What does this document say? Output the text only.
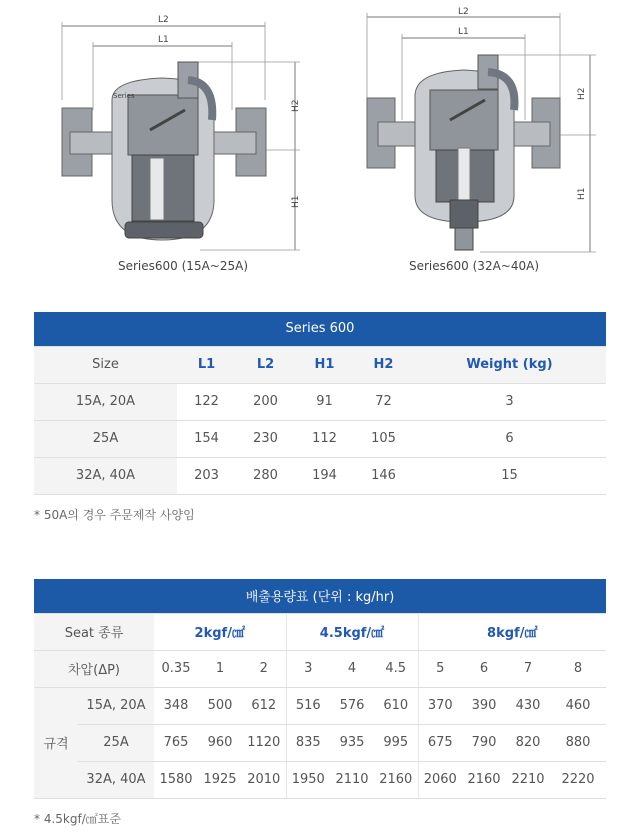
L2
L1
H2
H1
Series
L2
L1
H2
H1
Series600 (15A~25A)	Series600 (32A~40A)
Series 600					
Size	L1	L2	H1	H2	Weight (kg)
15A, 20A	122	200	91	72	3
25A	154	230	112	105	6
32A, 40A	203	280	194	146	15
* 50A의 경우 주문제작 사양임
배출용량표 (단위 : kg/hr)											
Seat 종류		2kgf/㎠			4.5kgf/㎠			8kgf/㎠			
차압(ΔP)		0.35	1	2	3	4	4.5	5	6	7	8
규격	15A, 20A	348	500	612	516	576	610	370	390	430	460
	25A	765	960	1120	835	935	995	675	790	820	880
	32A, 40A	1580	1925	2010	1950	2110	2160	2060	2160	2210	2220
* 4.5kgf/㎠표준
